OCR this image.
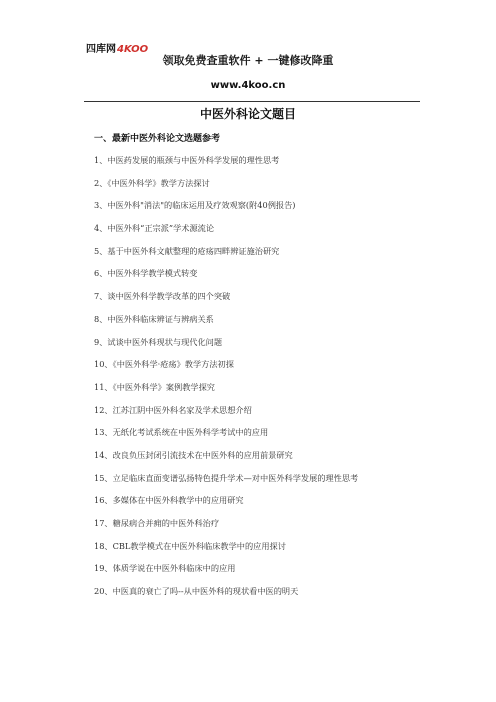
四库网4KOO
领取免费查重软件 + 一键修改降重
www.4koo.cn
中医外科论文题目
一、最新中医外科论文选题参考
1、中医药发展的瓶颈与中医外科学发展的理性思考
2、《中医外科学》教学方法探讨
3、中医外科"消法"的临床运用及疗效观察(附40例报告)
4、中医外科“正宗派”学术源流论
5、基于中医外科文献整理的疮疡四畔辨证施治研究
6、中医外科学教学模式转变
7、谈中医外科学教学改革的四个突破
8、中医外科临床辨证与辨病关系
9、试谈中医外科现状与现代化问题
10、《中医外科学·疮疡》教学方法初探
11、《中医外科学》案例教学探究
12、江苏江阴中医外科名家及学术思想介绍
13、无纸化考试系统在中医外科学考试中的应用
14、改良负压封闭引流技术在中医外科的应用前景研究
15、立足临床直面变谱弘扬特色提升学术—对中医外科学发展的理性思考
16、多媒体在中医外科教学中的应用研究
17、糖尿病合并痈的中医外科治疗
18、CBL教学模式在中医外科临床教学中的应用探讨
19、体质学说在中医外科临床中的应用
20、中医真的衰亡了吗--从中医外科的现状看中医的明天
